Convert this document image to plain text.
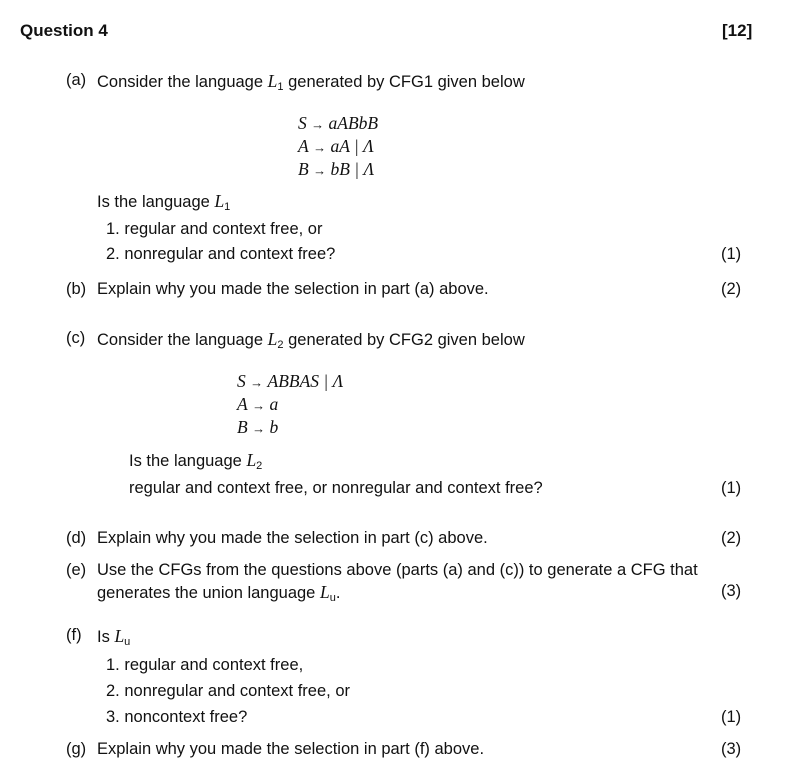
Question 4	[12]
(a) Consider the language $L_1$ generated by CFG1 given below
S → aABbB
A → aA | Λ
B → bB | Λ
Is the language $L_1$
1. regular and context free, or
2. nonregular and context free?	(1)
(b) Explain why you made the selection in part (a) above.	(2)
(c) Consider the language $L_2$ generated by CFG2 given below
S → ABBAS | Λ
A → a
B → b
Is the language $L_2$
regular and context free, or nonregular and context free?	(1)
(d) Explain why you made the selection in part (c) above.	(2)
(e) Use the CFGs from the questions above (parts (a) and (c)) to generate a CFG that
generates the union language $L_u$.	(3)
(f) Is $L_u$
1. regular and context free,
2. nonregular and context free, or
3. noncontext free?	(1)
(g) Explain why you made the selection in part (f) above.	(3)
